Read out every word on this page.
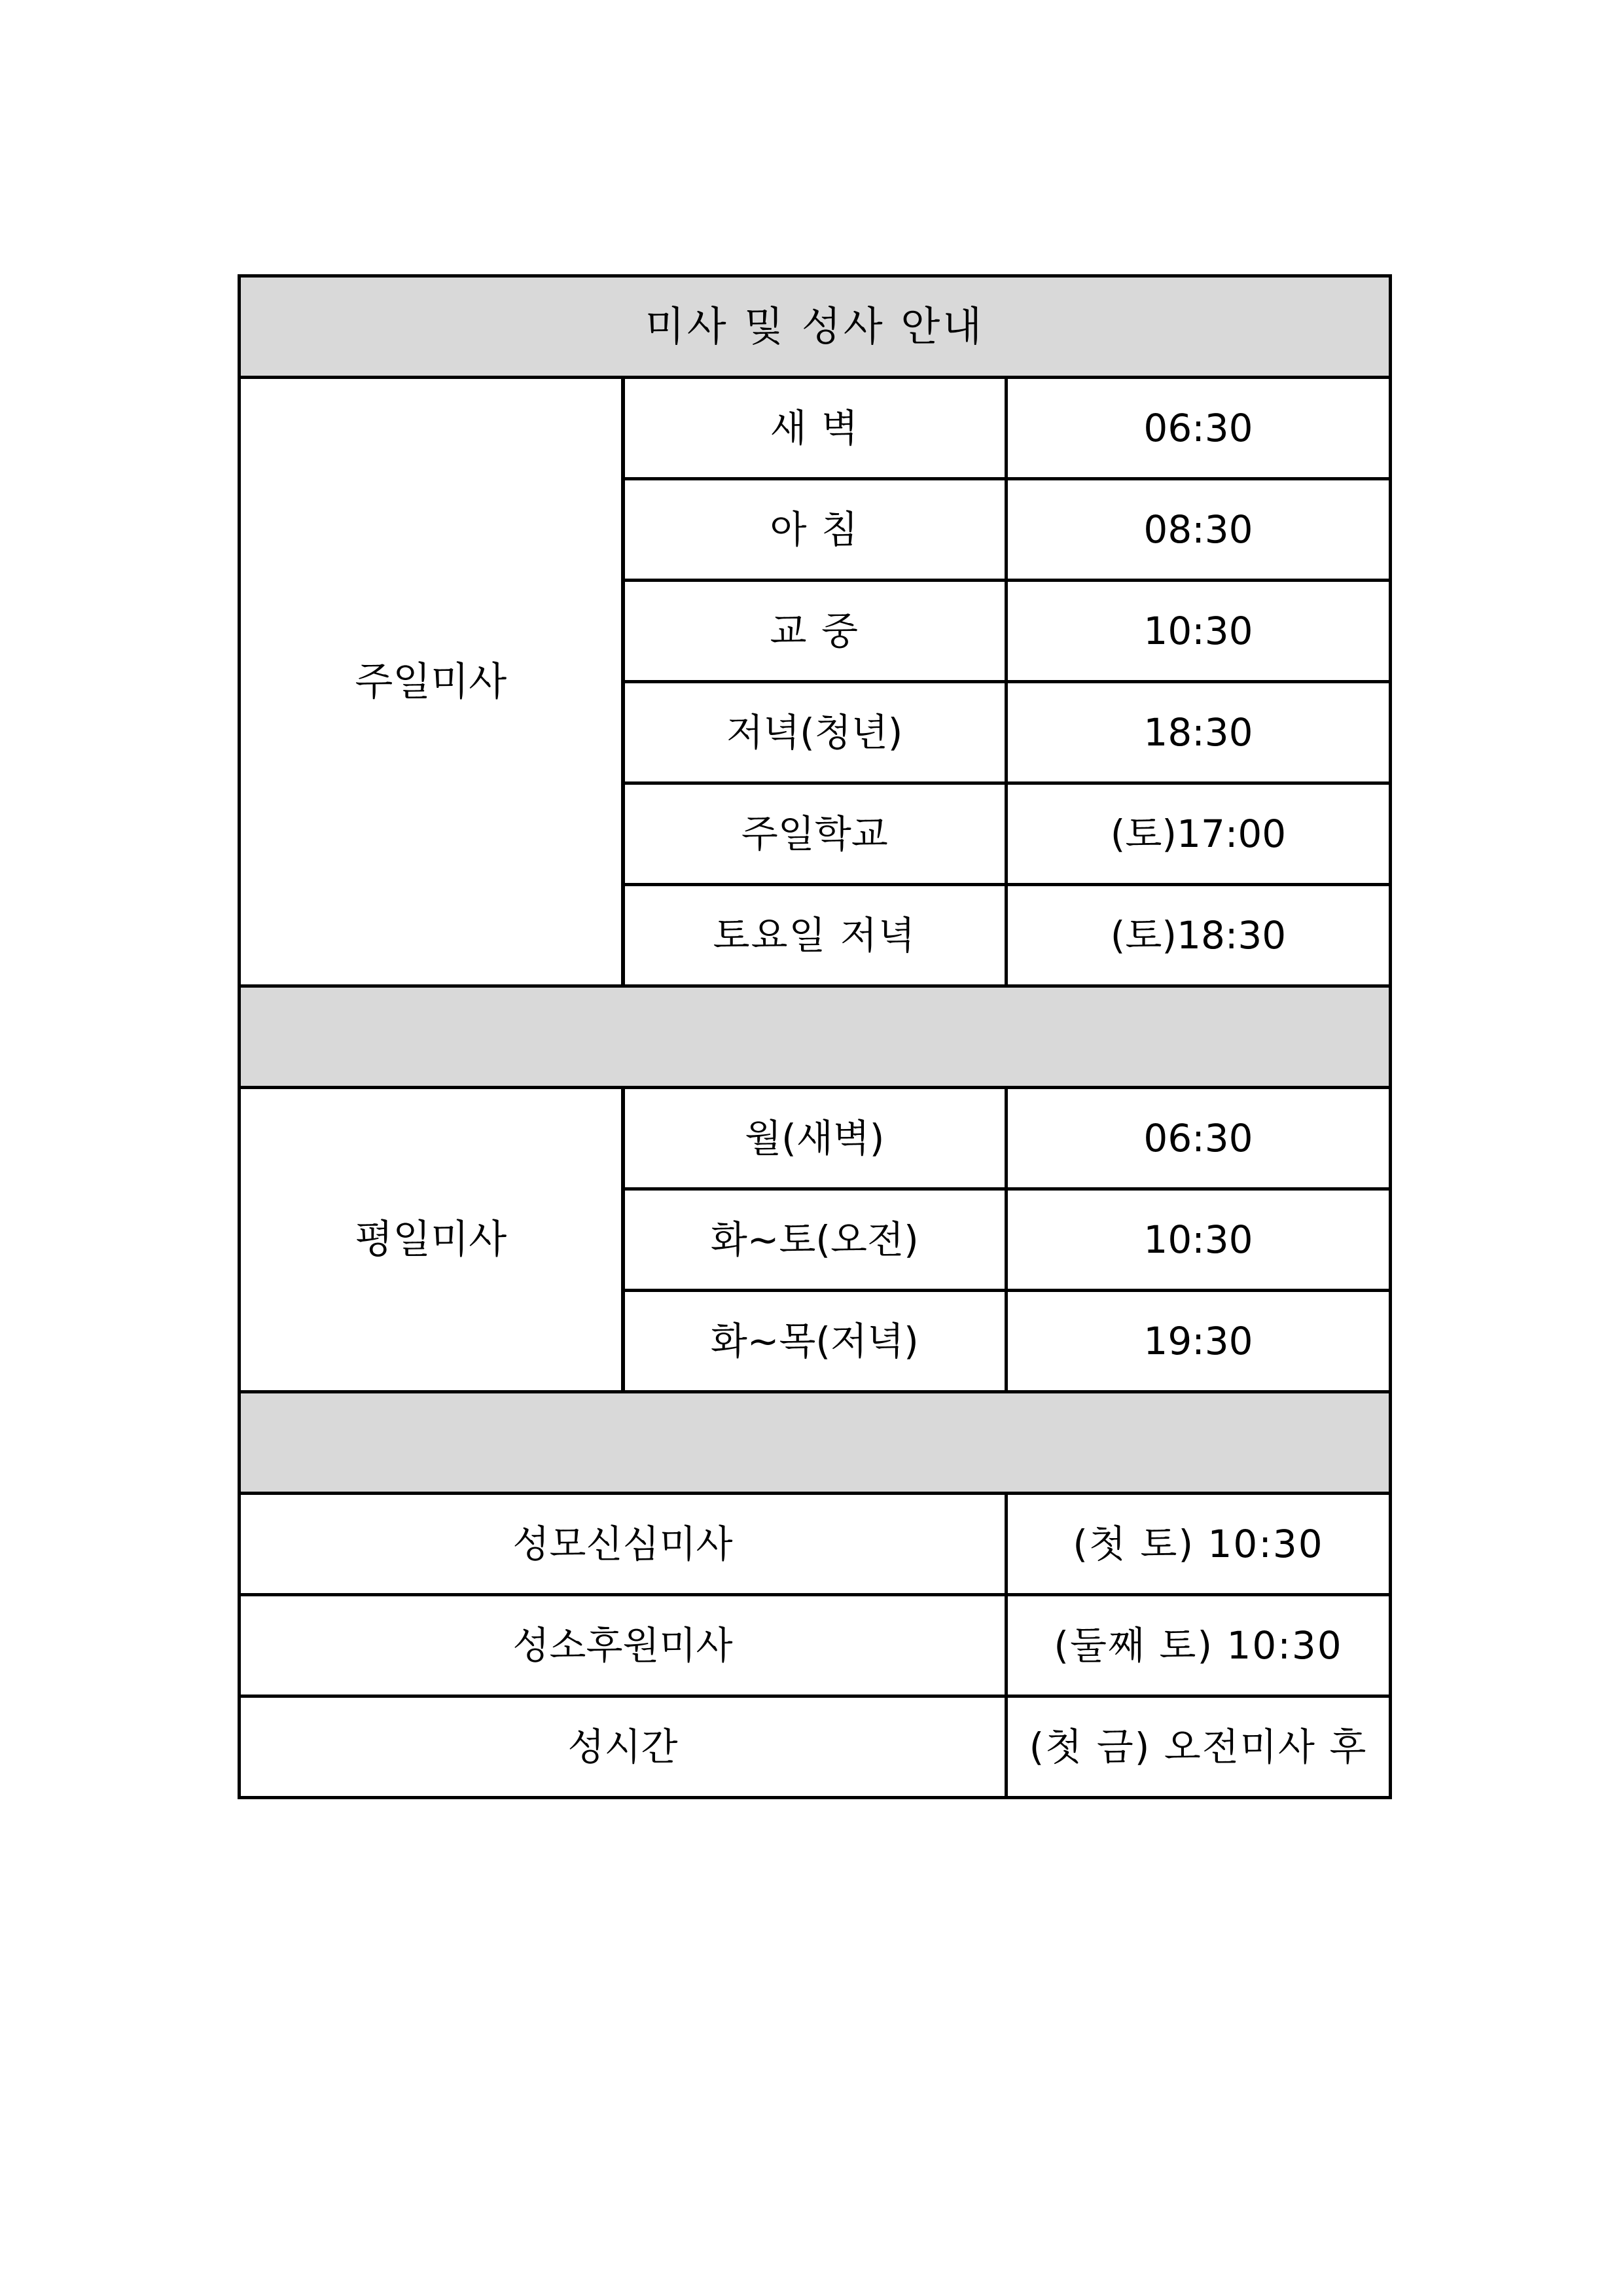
미사 및 성사 안내		
주일미사	새 벽	06:30
	아 침	08:30
	교 중	10:30
	저녁(청년)	18:30
	주일학교	(토)17:00
	토요일 저녁	(토)18:30

평일미사	월(새벽)	06:30
	화~토(오전)	10:30
	화~목(저녁)	19:30

성모신심미사		(첫 토) 10:30
성소후원미사		(둘째 토) 10:30
성시간		(첫 금) 오전미사 후
